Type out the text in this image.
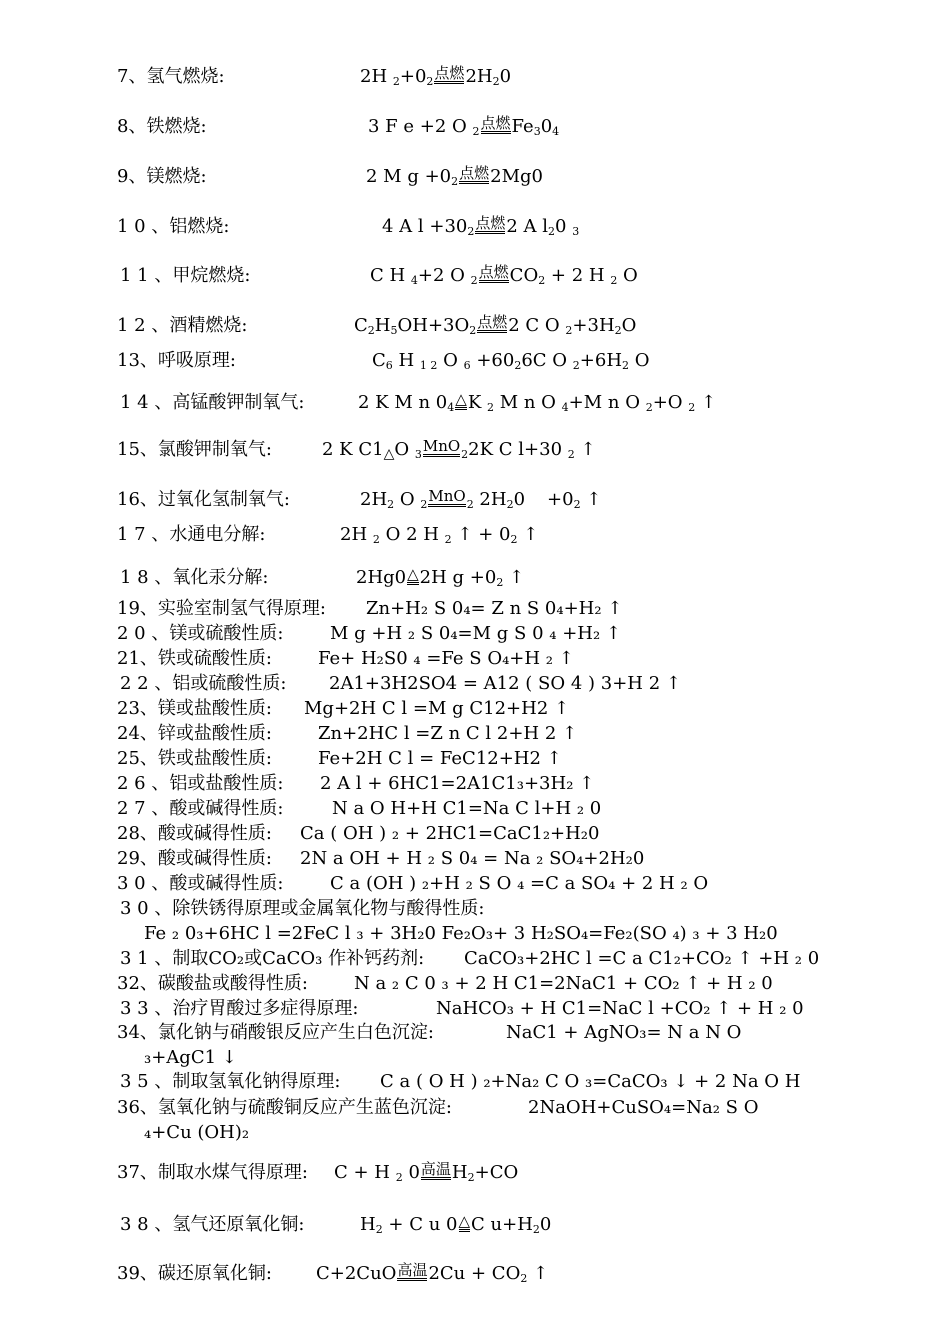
7、氢气燃烧:	2H $_2+0_2$ 点燃 $2H_20$
8、铁燃烧:	3 F e +2 O $_2$ 点燃 $Fe_30_4$
9、镁燃烧:	2 M $g +0_2$ 点燃 2Mg0
1 0 、铝燃烧:	4 A $l +30_2$ 点燃 2 A $l_20$ $_3$
1 1 、甲烷燃烧:	C H $_4$+2 O $_2$ 点燃 $CO_2 + 2$ H $_2$ O
1 2 、酒精燃烧:	$C_2H_5OH+3O_2$ 点燃 2 C O $_2+3H_2O$
13、呼吸原理:	$C_6$ H $_{1 2}$ O $_6 +60_26C$ O $_2+6H_2$ O
1 4 、高锰酸钾制氧气:	2 K M n $0_4$ △ K $_2$ M n O $_4$+M n O $_2$+O $_2$ ↑
15、氯酸钾制氧气:	2 K $C1_\triangle O$ $_3$ MnO $_2$2K C l+30 $_2$ ↑
16、过氧化氢制氧气:	$2H_2$ O $_2$ MnO $_2$ $2H_20 +0_2$ ↑
1 7 、水通电分解:	2H $_2$ O 2 H $_2$ ↑ + $0_2$ ↑
1 8 、氧化汞分解:	2Hg0 △ 2H $g +0_2$ ↑
19、实验室制氢气得原理: Zn+H₂ S 0₄= Z n S 0₄+H₂ ↑
2 0 、镁或硫酸性质:	M g +H ₂ S 0₄=M g S 0 ₄ +H₂ ↑
21、铁或硫酸性质:	Fe+ H₂S0 ₄ =Fe S O₄+H ₂ ↑
2 2 、铝或硫酸性质: 2A1+3H2SO4 = A12 ( SO 4 ) 3+H 2 ↑
23、镁或盐酸性质: Mg+2H C l =M g C12+H2 ↑
24、锌或盐酸性质:	Zn+2HC l =Z n C l 2+H 2 ↑
25、铁或盐酸性质:	Fe+2H C l = FeC12+H2 ↑
2 6 、铝或盐酸性质: 2 A l + 6HC1=2A1C1₃+3H₂ ↑
2 7 、酸或碱得性质:	N a O H+H C1=Na C l+H ₂ 0
28、酸或碱得性质: Ca ( OH ) ₂ + 2HC1=CaC1₂+H₂0
29、酸或碱得性质: 2N a OH + H ₂ S 0₄ = Na ₂ SO₄+2H₂0
3 0 、酸或碱得性质:	C a (OH ) ₂+H ₂ S O ₄ =C a SO₄ + 2 H ₂ O
3 0 、除铁锈得原理或金属氧化物与酸得性质:
Fe ₂ 0₃+6HC l =2FeC l ₃ + 3H₂0 Fe₂O₃+ 3 H₂SO₄=Fe₂(SO ₄) ₃ + 3 H₂0
3 1 、制取CO₂或CaCO₃ 作补钙药剂: CaCO₃+2HC l =C a C1₂+CO₂ ↑ +H ₂ 0
32、碳酸盐或酸得性质:	N a ₂ C 0 ₃ + 2 H C1=2NaC1 + CO₂ ↑ + H ₂ 0
3 3 、治疗胃酸过多症得原理:	NaHCO₃ + H C1=NaC l +CO₂ ↑ + H ₂ 0
34、氯化钠与硝酸银反应产生白色沉淀:	NaC1 + AgNO₃= N a N O
₃+AgC1 ↓
3 5 、制取氢氧化钠得原理: C a ( O H ) ₂+Na₂ C O ₃=CaCO₃ ↓ + 2 Na O H
36、氢氧化钠与硫酸铜反应产生蓝色沉淀:	2NaOH+CuSO₄=Na₂ S O
₄+Cu (OH)₂
37、制取水煤气得原理: C + H $_2$ 0 高温 $H_2+CO$
3 8 、氢气还原氧化铜:	$H_2 + C$ u 0 △ C $u+H_20$
39、碳还原氧化铜: C+2CuO 高温 $2Cu + CO_2$ ↑
